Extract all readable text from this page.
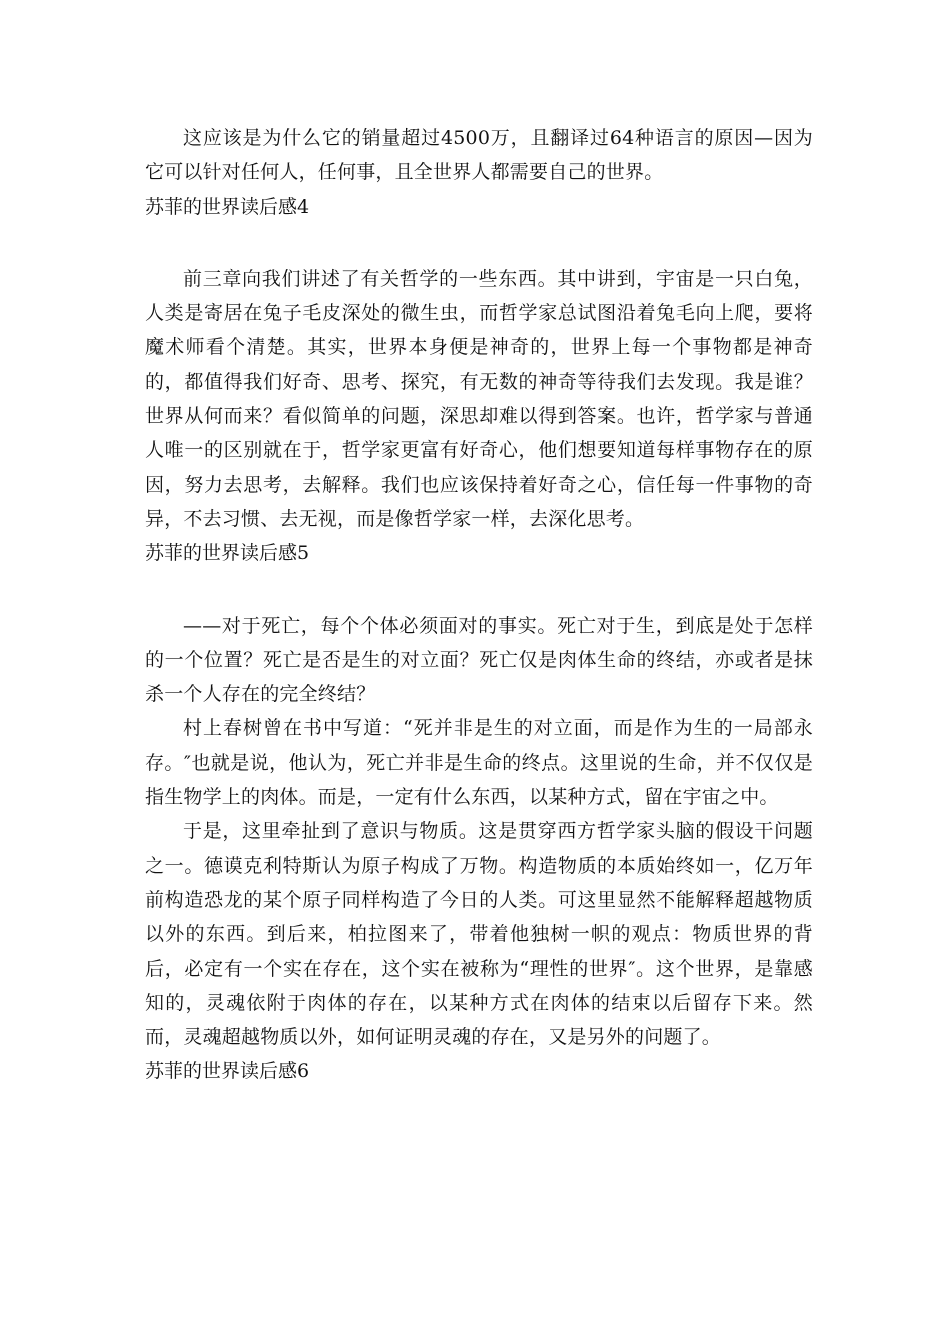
这应该是为什么它的销量超过4500万，且翻译过64种语言的原因—因为它可以针对任何人，任何事，且全世界人都需要自己的世界。

苏菲的世界读后感4

前三章向我们讲述了有关哲学的一些东西。其中讲到，宇宙是一只白兔，人类是寄居在兔子毛皮深处的微生虫，而哲学家总试图沿着兔毛向上爬，要将魔术师看个清楚。其实，世界本身便是神奇的，世界上每一个事物都是神奇的，都值得我们好奇、思考、探究，有无数的神奇等待我们去发现。我是谁？世界从何而来？看似简单的问题，深思却难以得到答案。也许，哲学家与普通人唯一的区别就在于，哲学家更富有好奇心，他们想要知道每样事物存在的原因，努力去思考，去解释。我们也应该保持着好奇之心，信任每一件事物的奇异，不去习惯、去无视，而是像哲学家一样，去深化思考。

苏菲的世界读后感5

——对于死亡，每个个体必须面对的事实。死亡对于生，到底是处于怎样的一个位置？死亡是否是生的对立面？死亡仅是肉体生命的终结，亦或者是抹杀一个人存在的完全终结？

村上春树曾在书中写道：“死并非是生的对立面，而是作为生的一局部永存。″也就是说，他认为，死亡并非是生命的终点。这里说的生命，并不仅仅是指生物学上的肉体。而是，一定有什么东西，以某种方式，留在宇宙之中。

于是，这里牵扯到了意识与物质。这是贯穿西方哲学家头脑的假设干问题之一。德谟克利特斯认为原子构成了万物。构造物质的本质始终如一，亿万年前构造恐龙的某个原子同样构造了今日的人类。可这里显然不能解释超越物质以外的东西。到后来，柏拉图来了，带着他独树一帜的观点：物质世界的背后，必定有一个实在存在，这个实在被称为“理性的世界″。这个世界，是靠感知的，灵魂依附于肉体的存在，以某种方式在肉体的结束以后留存下来。然而，灵魂超越物质以外，如何证明灵魂的存在，又是另外的问题了。

苏菲的世界读后感6
